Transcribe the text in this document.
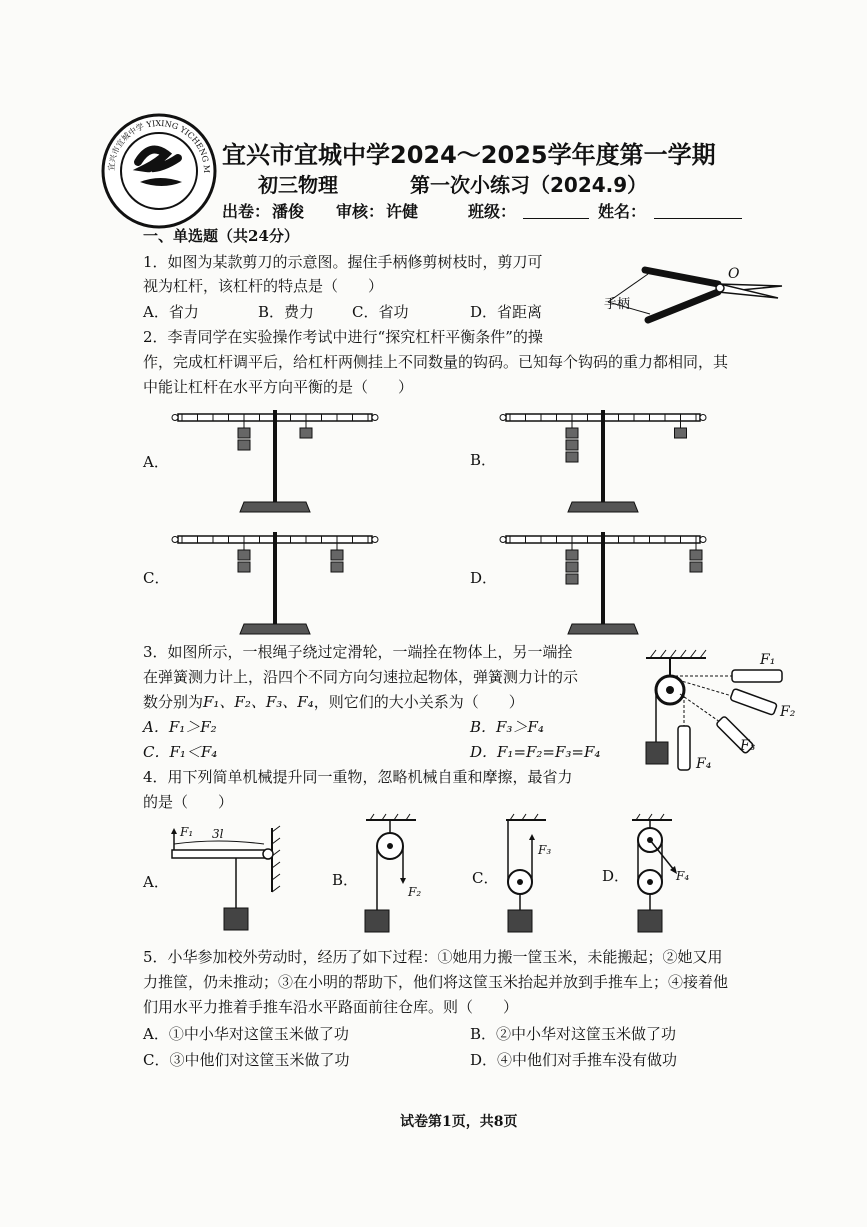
1960
宜兴市宜城中学 YIXING YICHENG MIDDLE SCHOOL
宜兴市宜城中学2024～2025学年度第一学期
初三物理	第一次小练习（2024.9）
出卷： 潘俊 审核： 许健	班级：	姓名：
一、单选题（共24分）
1．如图为某款剪刀的示意图。握住手柄修剪树枝时，剪刀可
视为杠杆，该杠杆的特点是（　　）
A．省力	B．费力	C．省功	D．省距离
O
手柄
2．李青同学在实验操作考试中进行“探究杠杆平衡条件”的操
作，完成杠杆调平后，给杠杆两侧挂上不同数量的钩码。已知每个钩码的重力都相同，其
中能让杠杆在水平方向平衡的是（　　）
A．	B．
C．	D．
3．如图所示，一根绳子绕过定滑轮，一端拴在物体上，另一端拴
在弹簧测力计上，沿四个不同方向匀速拉起物体，弹簧测力计的示
数分别为F₁、F₂、F₃、F₄，则它们的大小关系为（　　）
A．F₁＞F₂	B．F₃＞F₄
C．F₁＜F₄	D．F₁=F₂=F₃=F₄
F₁
F₂
F₃
F₄
4．用下列简单机械提升同一重物，忽略机械自重和摩擦，最省力
的是（　　）
A．	B．	C．	D．
F₁ 3l
F₂
F₃
F₄
5．小华参加校外劳动时，经历了如下过程：①她用力搬一筐玉米，未能搬起；②她又用
力推筐，仍未推动；③在小明的帮助下，他们将这筐玉米抬起并放到手推车上；④接着他
们用水平力推着手推车沿水平路面前往仓库。则（　　）
A．①中小华对这筐玉米做了功	B．②中小华对这筐玉米做了功
C．③中他们对这筐玉米做了功	D．④中他们对手推车没有做功
试卷第1页，共8页
